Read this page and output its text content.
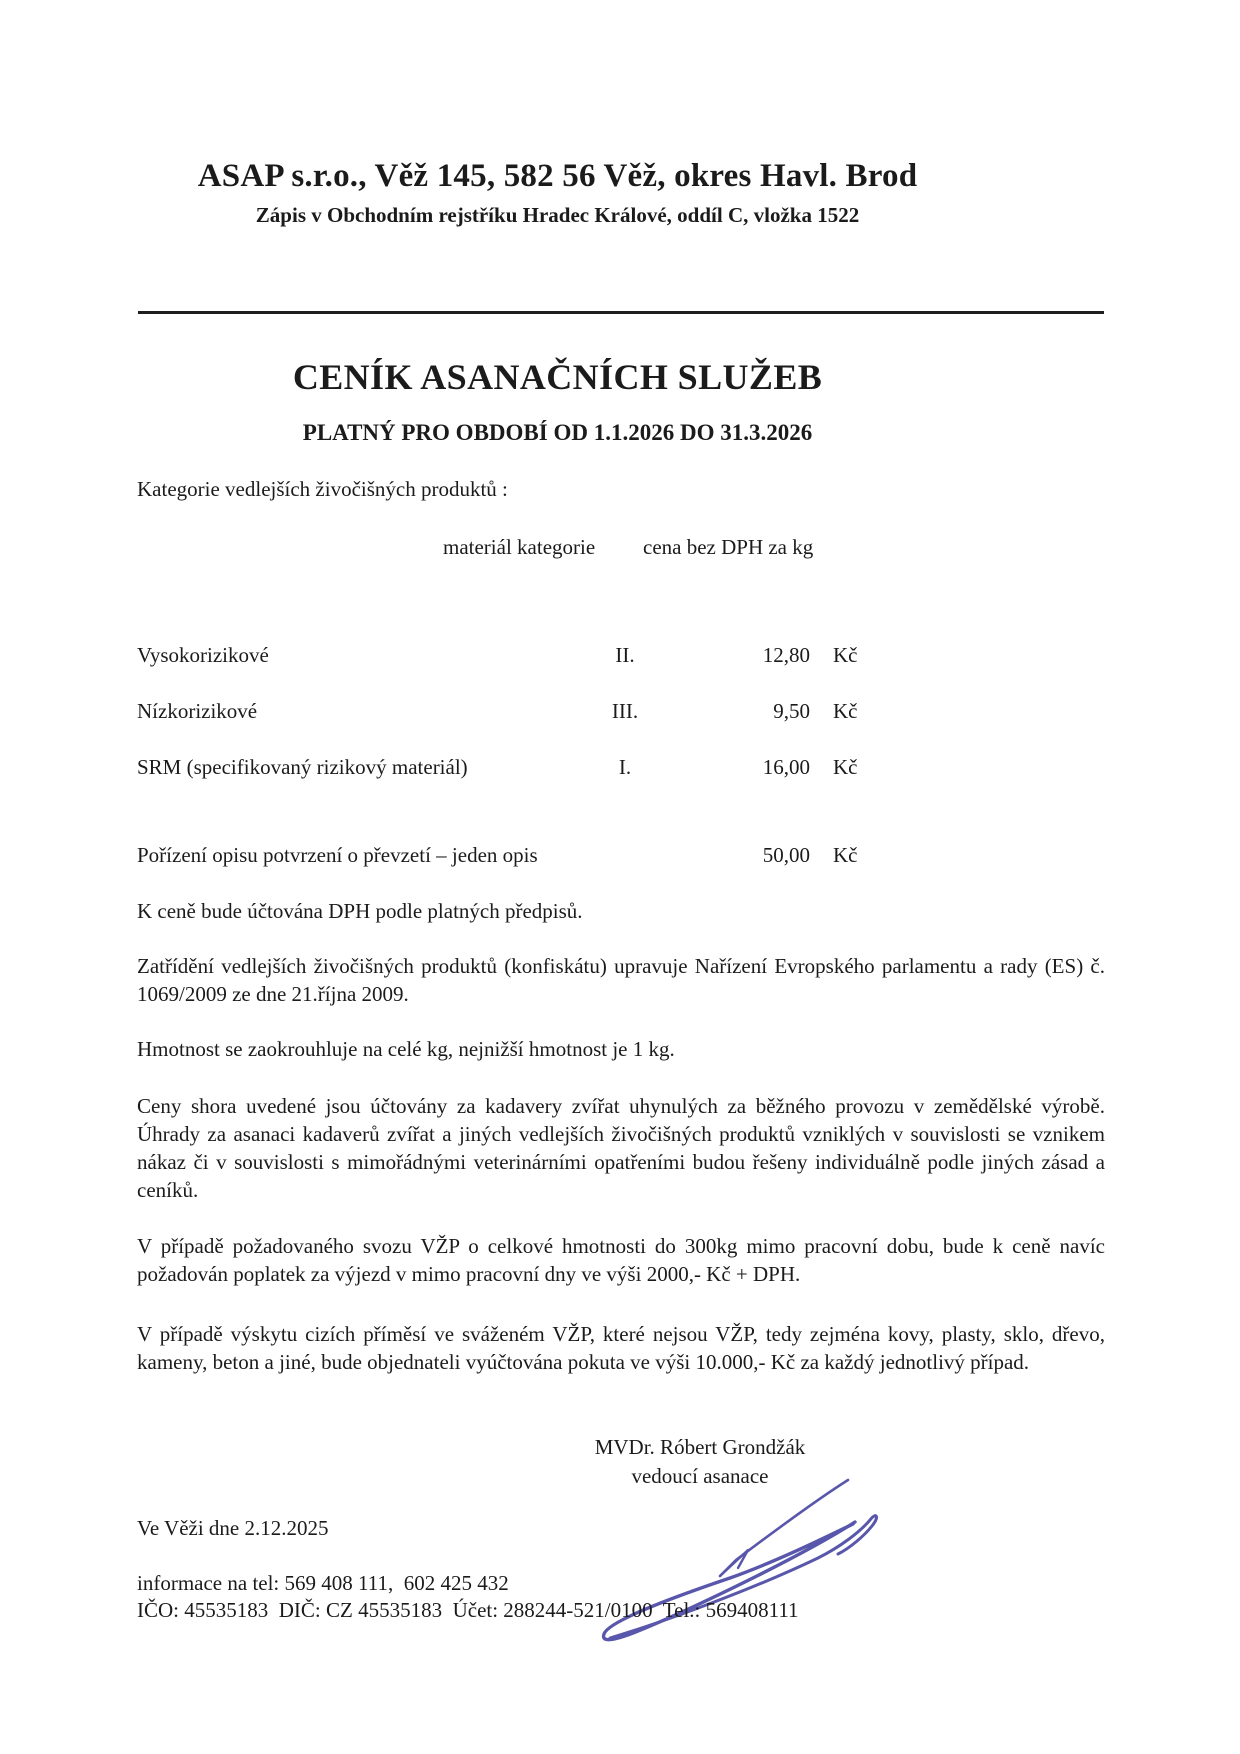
ASAP s.r.o., Věž 145, 582 56 Věž, okres Havl. Brod
Zápis v Obchodním rejstříku Hradec Králové, oddíl C, vložka 1522
CENÍK ASANAČNÍCH SLUŽEB
PLATNÝ PRO OBDOBÍ OD 1.1.2026 DO 31.3.2026
Kategorie vedlejších živočišných produktů :
materiál kategorie cena bez DPH za kg
Vysokorizikové	II.	12,80 Kč
Nízkorizikové	III.	9,50 Kč
SRM (specifikovaný rizikový materiál)	I.	16,00 Kč
Pořízení opisu potvrzení o převzetí – jeden opis	50,00 Kč
K ceně bude účtována DPH podle platných předpisů.
Zatřídění vedlejších živočišných produktů (konfiskátu) upravuje Nařízení Evropského parlamentu a rady (ES) č. 1069/2009 ze dne 21.října 2009.
Hmotnost se zaokrouhluje na celé kg, nejnižší hmotnost je 1 kg.
Ceny shora uvedené jsou účtovány za kadavery zvířat uhynulých za běžného provozu v zemědělské výrobě. Úhrady za asanaci kadaverů zvířat a jiných vedlejších živočišných produktů vzniklých v souvislosti se vznikem nákaz či v souvislosti s mimořádnými veterinárními opatřeními budou řešeny individuálně podle jiných zásad a ceníků.
V případě požadovaného svozu VŽP o celkové hmotnosti do 300kg mimo pracovní dobu, bude k ceně navíc požadován poplatek za výjezd v mimo pracovní dny ve výši 2000,- Kč + DPH.
V případě výskytu cizích příměsí ve sváženém VŽP, které nejsou VŽP, tedy zejména kovy, plasty, sklo, dřevo, kameny, beton a jiné, bude objednateli vyúčtována pokuta ve výši 10.000,- Kč za každý jednotlivý případ.
MVDr. Róbert Grondžák
vedoucí asanace
Ve Věži dne 2.12.2025
informace na tel: 569 408 111,  602 425 432
IČO: 45535183  DIČ: CZ 45535183  Účet: 288244-521/0100  Tel.: 569408111
